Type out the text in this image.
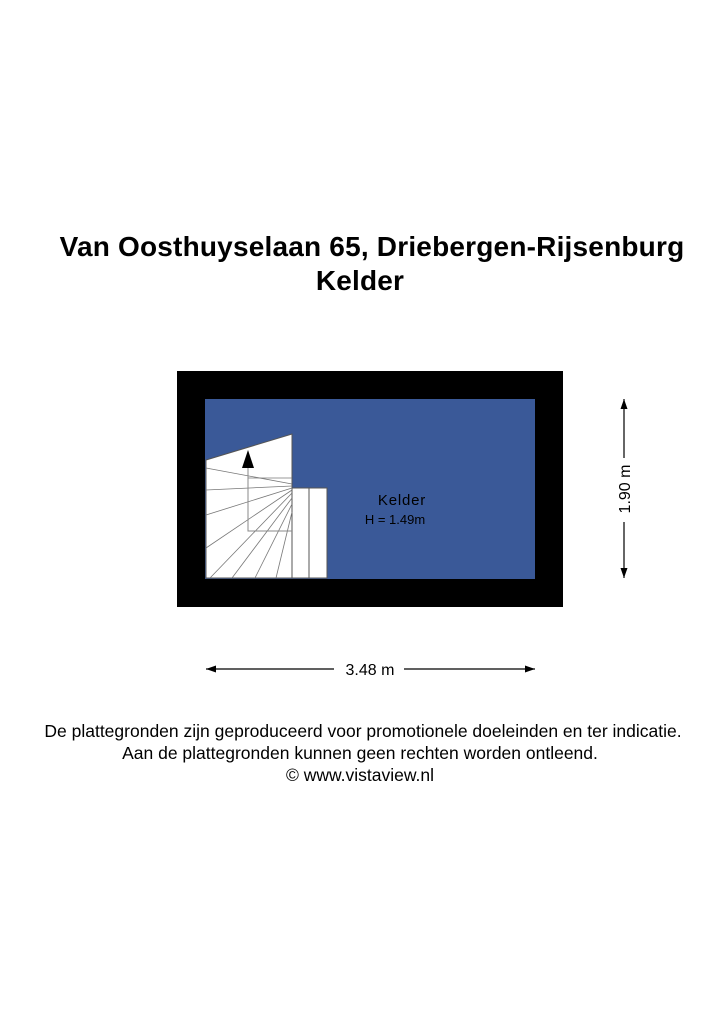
Van Oosthuyselaan 65, Driebergen-Rijsenburg
Kelder
Kelder
H = 1.49m
3.48 m
1.90 m
De plattegronden zijn geproduceerd voor promotionele doeleinden en ter indicatie.
Aan de plattegronden kunnen geen rechten worden ontleend.
© www.vistaview.nl
